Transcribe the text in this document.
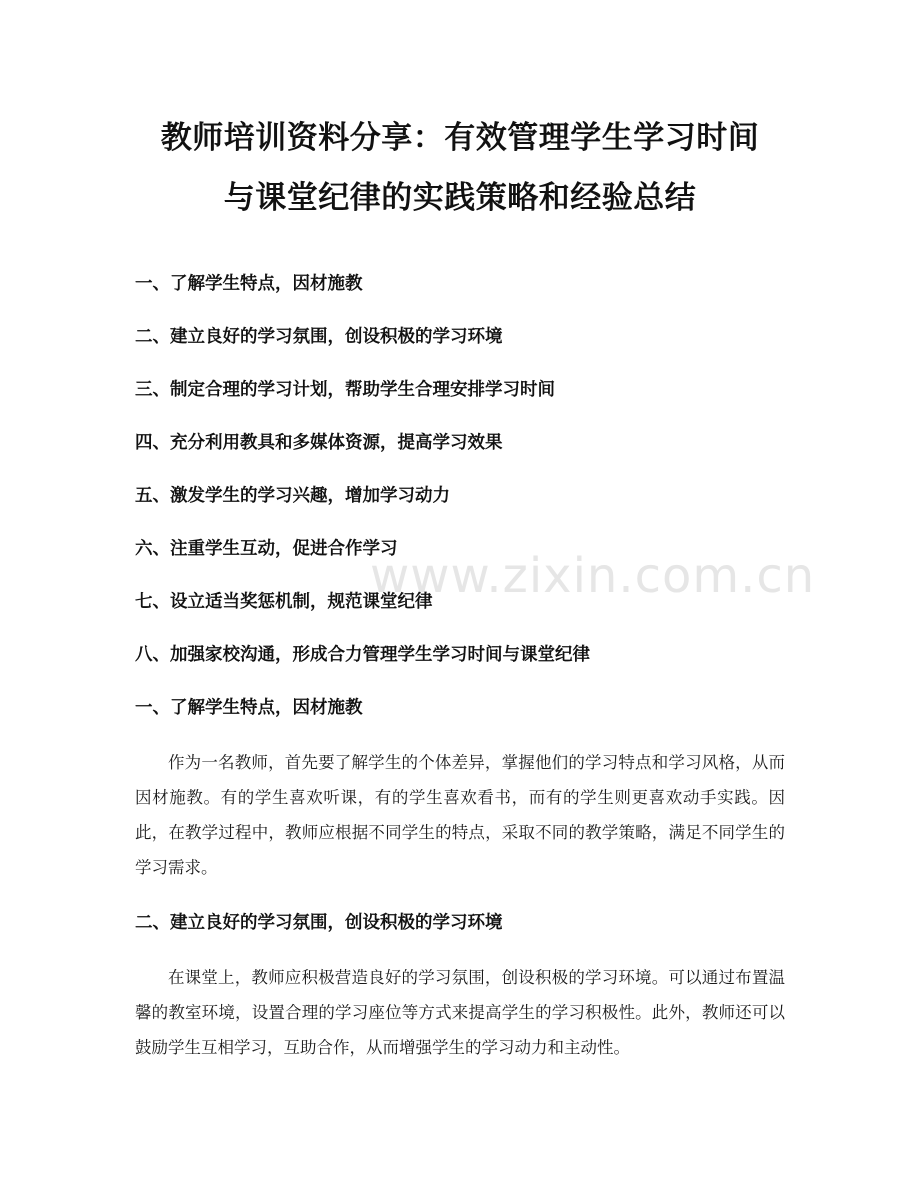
www.zixin.com.cn
教师培训资料分享：有效管理学生学习时间
与课堂纪律的实践策略和经验总结

一、了解学生特点，因材施教

二、建立良好的学习氛围，创设积极的学习环境

三、制定合理的学习计划，帮助学生合理安排学习时间

四、充分利用教具和多媒体资源，提高学习效果

五、激发学生的学习兴趣，增加学习动力

六、注重学生互动，促进合作学习

七、设立适当奖惩机制，规范课堂纪律

八、加强家校沟通，形成合力管理学生学习时间与课堂纪律

一、了解学生特点，因材施教

作为一名教师，首先要了解学生的个体差异，掌握他们的学习特点和学习风格，从而因材施教。有的学生喜欢听课，有的学生喜欢看书，而有的学生则更喜欢动手实践。因此，在教学过程中，教师应根据不同学生的特点，采取不同的教学策略，满足不同学生的学习需求。

二、建立良好的学习氛围，创设积极的学习环境

在课堂上，教师应积极营造良好的学习氛围，创设积极的学习环境。可以通过布置温馨的教室环境，设置合理的学习座位等方式来提高学生的学习积极性。此外，教师还可以鼓励学生互相学习，互助合作，从而增强学生的学习动力和主动性。
